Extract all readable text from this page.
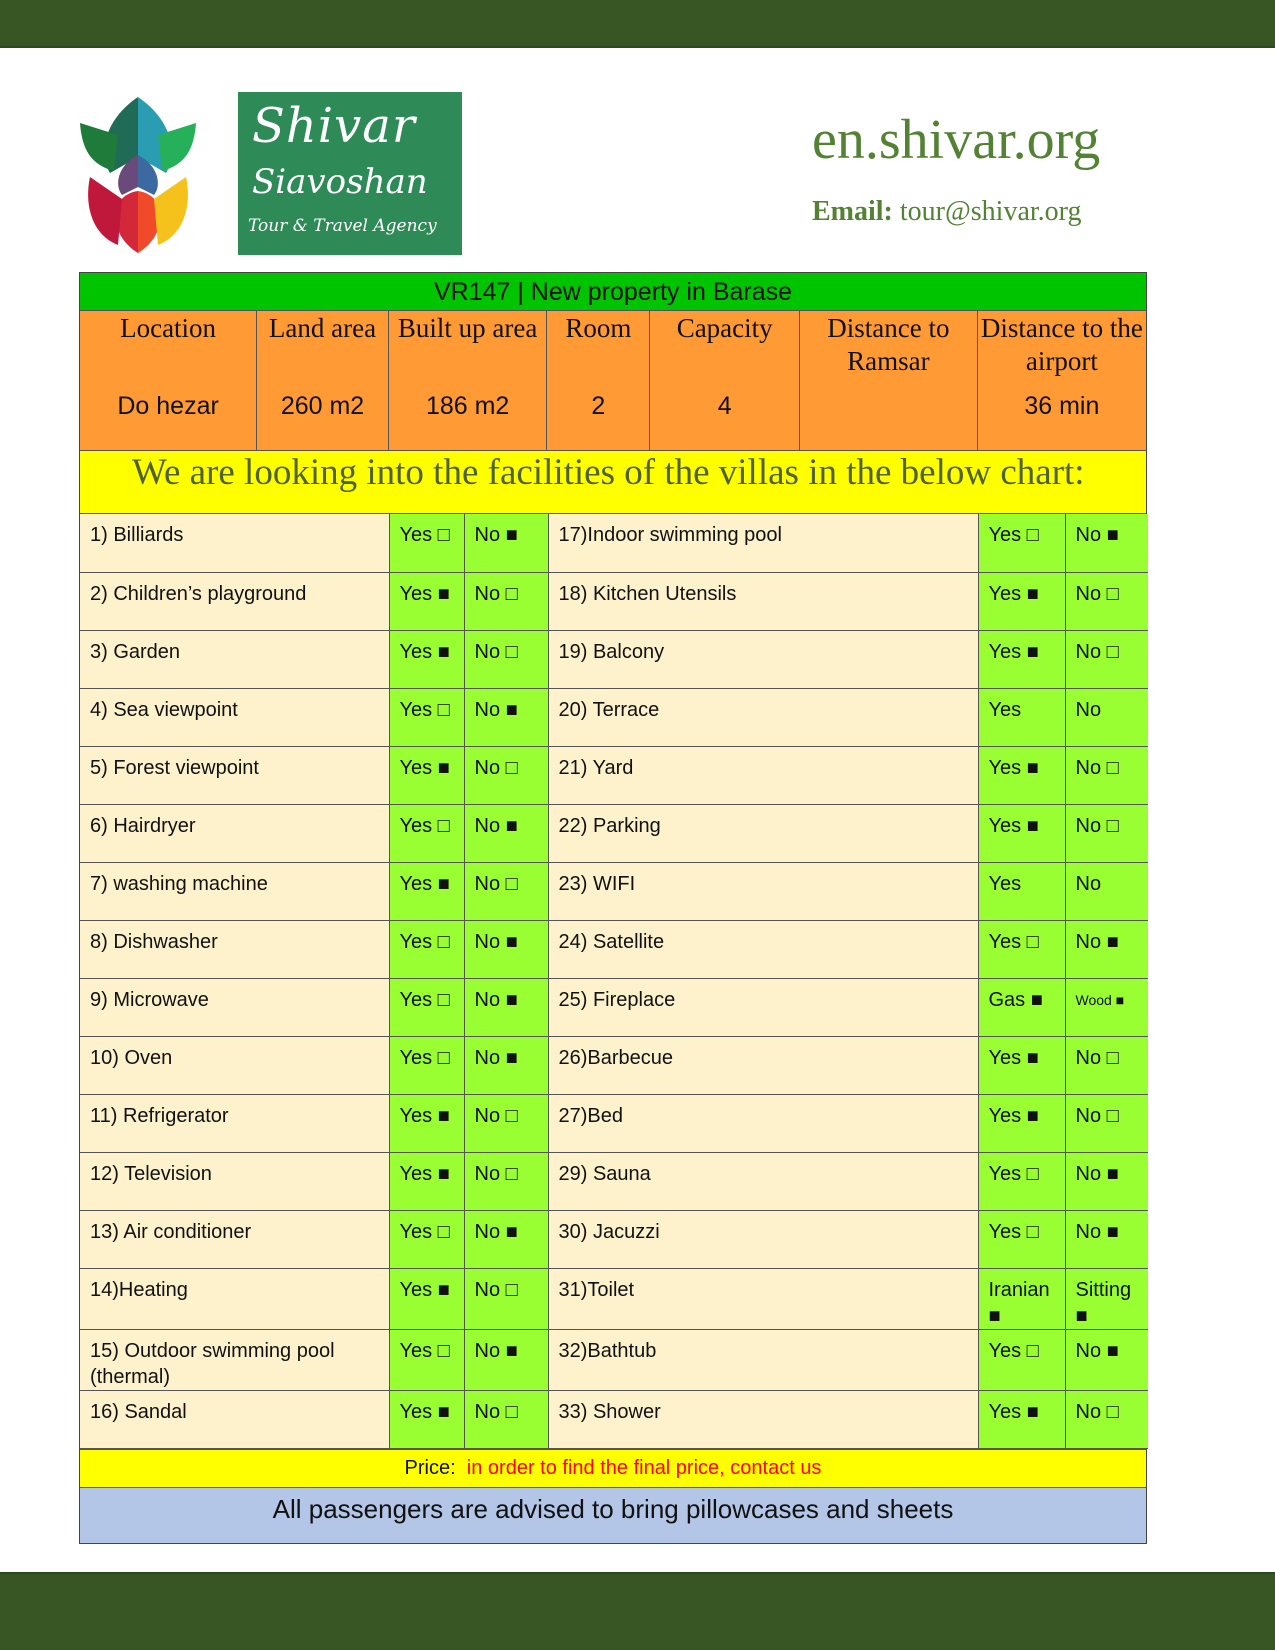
Shivar
Siavoshan
Tour & Travel Agency
en.shivar.org
Email: tour@shivar.org
VR147 | New property in Barase
Location	Land area	Built up area	Room	Capacity	Distance to Ramsar	Distance to the airport
Do hezar	260 m2	186 m2	2	4		36 min
We are looking into the facilities of the villas in the below chart:
1) Billiards	Yes □	No ■	17)Indoor swimming pool	Yes □	No ■
2) Children’s playground	Yes ■	No □	18) Kitchen Utensils	Yes ■	No □
3) Garden	Yes ■	No □	19) Balcony	Yes ■	No □
4) Sea viewpoint	Yes □	No ■	20) Terrace	Yes	No
5) Forest viewpoint	Yes ■	No □	21) Yard	Yes ■	No □
6) Hairdryer	Yes □	No ■	22) Parking	Yes ■	No □
7) washing machine	Yes ■	No □	23) WIFI	Yes	No
8) Dishwasher	Yes □	No ■	24) Satellite	Yes □	No ■
9) Microwave	Yes □	No ■	25) Fireplace	Gas ■	Wood ■
10) Oven	Yes □	No ■	26)Barbecue	Yes ■	No □
11) Refrigerator	Yes ■	No □	27)Bed	Yes ■	No □
12) Television	Yes ■	No □	29) Sauna	Yes □	No ■
13) Air conditioner	Yes □	No ■	30) Jacuzzi	Yes □	No ■
14)Heating	Yes ■	No □	31)Toilet	Iranian ■	Sitting ■
15) Outdoor swimming pool (thermal)	Yes □	No ■	32)Bathtub	Yes □	No ■
16) Sandal	Yes ■	No □	33) Shower	Yes ■	No □
Price: in order to find the final price, contact us
All passengers are advised to bring pillowcases and sheets
